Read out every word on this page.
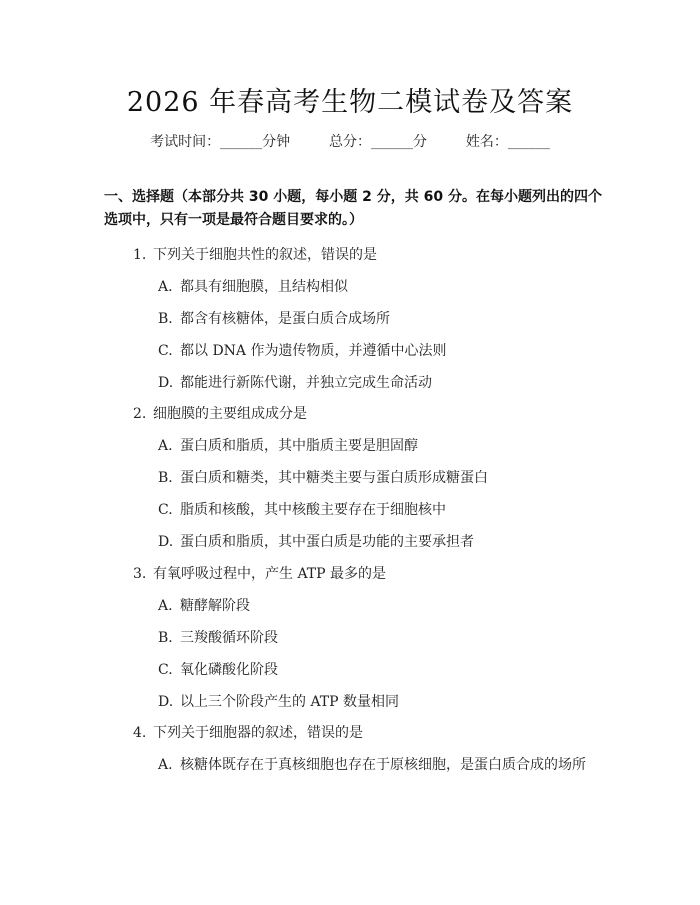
2026 年春高考生物二模试卷及答案
考试时间：______分钟	总分：______分	姓名：______
一、选择题（本部分共 30 小题，每小题 2 分，共 60 分。在每小题列出的四个选项中，只有一项是最符合题目要求的。）
1. 下列关于细胞共性的叙述，错误的是
A. 都具有细胞膜，且结构相似
B. 都含有核糖体，是蛋白质合成场所
C. 都以 DNA 作为遗传物质，并遵循中心法则
D. 都能进行新陈代谢，并独立完成生命活动
2. 细胞膜的主要组成成分是
A. 蛋白质和脂质，其中脂质主要是胆固醇
B. 蛋白质和糖类，其中糖类主要与蛋白质形成糖蛋白
C. 脂质和核酸，其中核酸主要存在于细胞核中
D. 蛋白质和脂质，其中蛋白质是功能的主要承担者
3. 有氧呼吸过程中，产生 ATP 最多的是
A. 糖酵解阶段
B. 三羧酸循环阶段
C. 氧化磷酸化阶段
D. 以上三个阶段产生的 ATP 数量相同
4. 下列关于细胞器的叙述，错误的是
A. 核糖体既存在于真核细胞也存在于原核细胞，是蛋白质合成的场所
